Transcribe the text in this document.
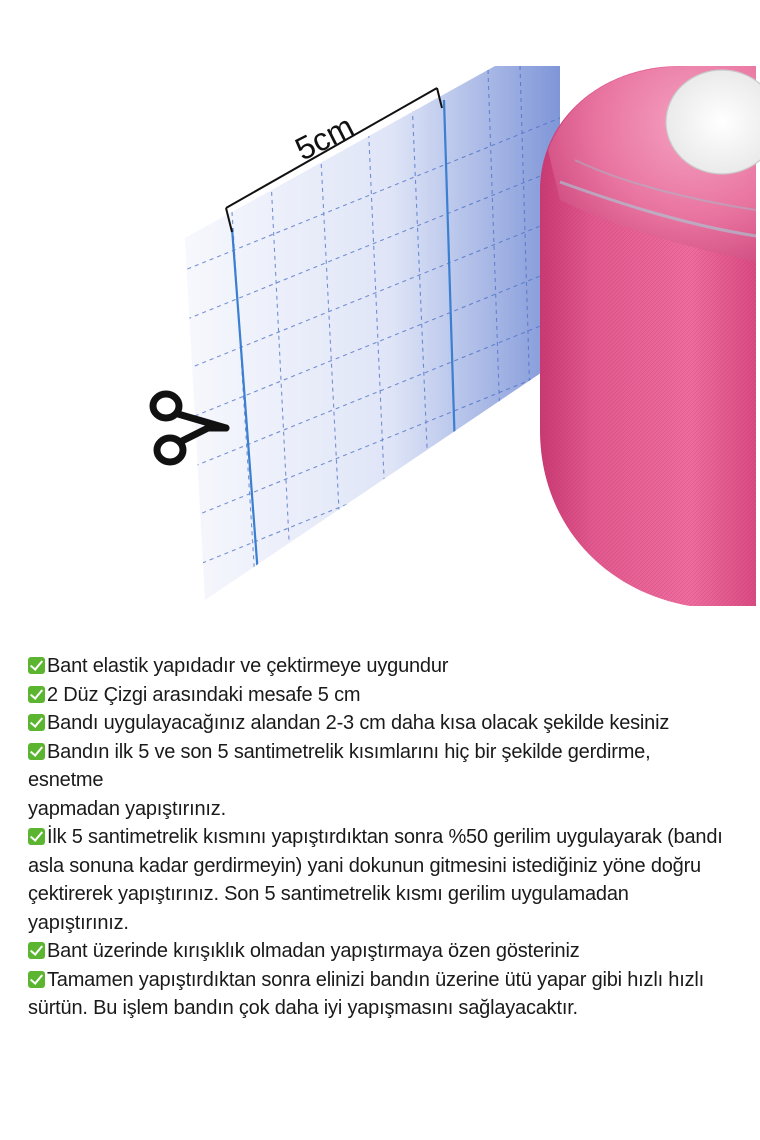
5cm

Bant elastik yapıdadır ve çektirmeye uygundur

2 Düz Çizgi arasındaki mesafe 5 cm

Bandı uygulayacağınız alandan 2-3 cm daha kısa olacak şekilde kesiniz

Bandın ilk 5 ve son 5 santimetrelik kısımlarını hiç bir şekilde gerdirme, esnetme

yapmadan yapıştırınız.

İlk 5 santimetrelik kısmını yapıştırdıktan sonra %50 gerilim uygulayarak (bandı

asla sonuna kadar gerdirmeyin) yani dokunun gitmesini istediğiniz yöne doğru

çektirerek yapıştırınız. Son 5 santimetrelik kısmı gerilim uygulamadan

yapıştırınız.

Bant üzerinde kırışıklık olmadan yapıştırmaya özen gösteriniz

Tamamen yapıştırdıktan sonra elinizi bandın üzerine ütü yapar gibi hızlı hızlı

sürtün. Bu işlem bandın çok daha iyi yapışmasını sağlayacaktır.
